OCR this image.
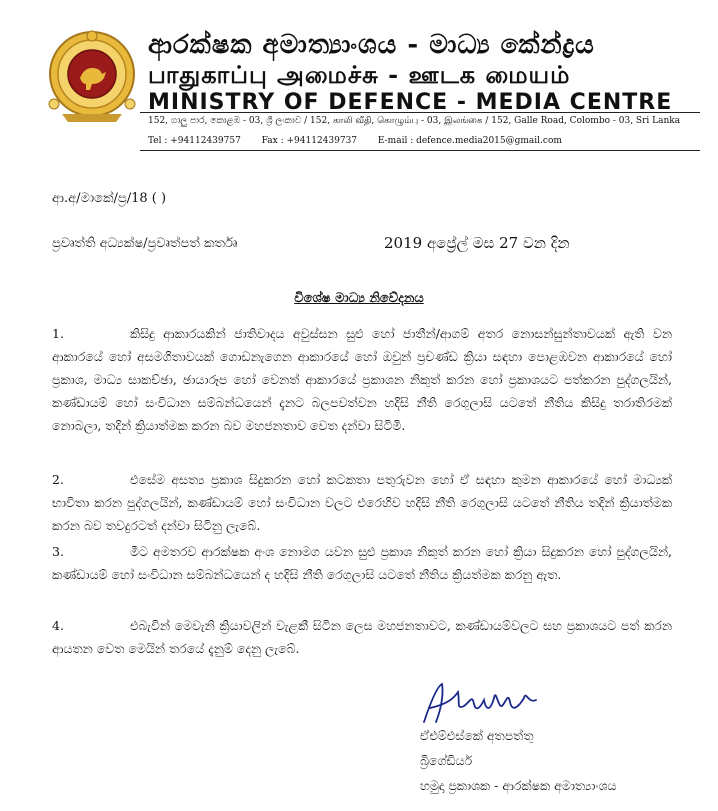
ආරක්ෂක අමාත්‍යාංශය - මාධ්‍ය කේන්ද්‍රය
பாதுகாப்பு அமைச்சு - ஊடக மையம்
MINISTRY OF DEFENCE - MEDIA CENTRE
152, ගාලු පාර, කොළඹ - 03, ශ්‍රී ලංකාව / 152, காலி வீதி, கொழும்பு - 03, இலங்கை / 152, Galle Road, Colombo - 03, Sri Lanka
Tel : +94112439757 Fax : +94112439737 E-mail : defence.media2015@gmail.com
ආ.අ/මාකේ/ප්‍ර/18 ( )
ප්‍රවෘත්ති අධ්‍යක්ෂ/ප්‍රවෘත්පත් කර්තෘ	2019 අප්‍රේල් මස 27 වන දින
විශේෂ මාධ්‍ය නිවේදනය
1.	කිසිදු ආකාරයකින් ජාතිවාදය අවුස්සන සුළු හෝ ජාතීන්/ආගම් අතර නොසන්සුන්තාවයක් ඇති වන ආකාරයේ හෝ අසමගිතාවයක් ගොඩනැගෙන ආකාරයේ හෝ ඔවුන් ප්‍රචණ්ඩ ක්‍රියා සඳහා පොළඹවන ආකාරයේ හෝ ප්‍රකාශ, මාධ්‍ය සාකච්ඡා, ඡායාරූප හෝ වෙනත් ආකාරයේ ප්‍රකාශන නිකුත් කරන හෝ ප්‍රකාශයට පත්කරන පුද්ගලයින්, කණ්ඩායම් හෝ සංවිධාන සම්බන්ධයෙන් දැනට බලපවත්වන හදිසි නීති රෙගුලාසි යටතේ නීතිය කිසිදු තරාතිරමක් නොබලා, තදින් ක්‍රියාත්මක කරන බව මහජනතාව වෙත දන්වා සිටිමි.
2.	එසේම අසත්‍ය ප්‍රකාශ සිදුකරන හෝ කටකතා පතුරුවන හෝ ඒ සඳහා කුමන ආකාරයේ හෝ මාධ්‍යක් භාවිතා කරන පුද්ගලයින්, කණ්ඩායම් හෝ සංවිධාන වලට එරෙහිව හදිසි නීති රෙගුලාසි යටතේ නීතිය තදින් ක්‍රියාත්මක කරන බව තවදුරටත් දන්වා සිටිනු ලැබේ.
3.	මීට අමතරව ආරක්ෂක අංශ නොමග යවන සුළු ප්‍රකාශ නිකුත් කරන හෝ ක්‍රියා සිදුකරන හෝ පුද්ගලයින්, කණ්ඩායම් හෝ සංවිධාන සම්බන්ධයෙන් ද හදිසි නීති රෙගුලාසි යටතේ නීතිය ක්‍රියත්මක කරනු ඇත.
4.	එබැවින් මෙවැනි ක්‍රියාවලින් වැළකී සිටින ලෙස මහජනතාවට, කණ්ඩායම්වලට සහ ප්‍රකාශයට පත් කරන ආයතන වෙත මෙයින් තරයේ දැනුම් දෙනු ලැබේ.
ඒඑම්එස්කේ අතපත්තු
බ්‍රිගේඩියර්
හමුදා ප්‍රකාශක - ආරක්ෂක අමාත්‍යාංශය
